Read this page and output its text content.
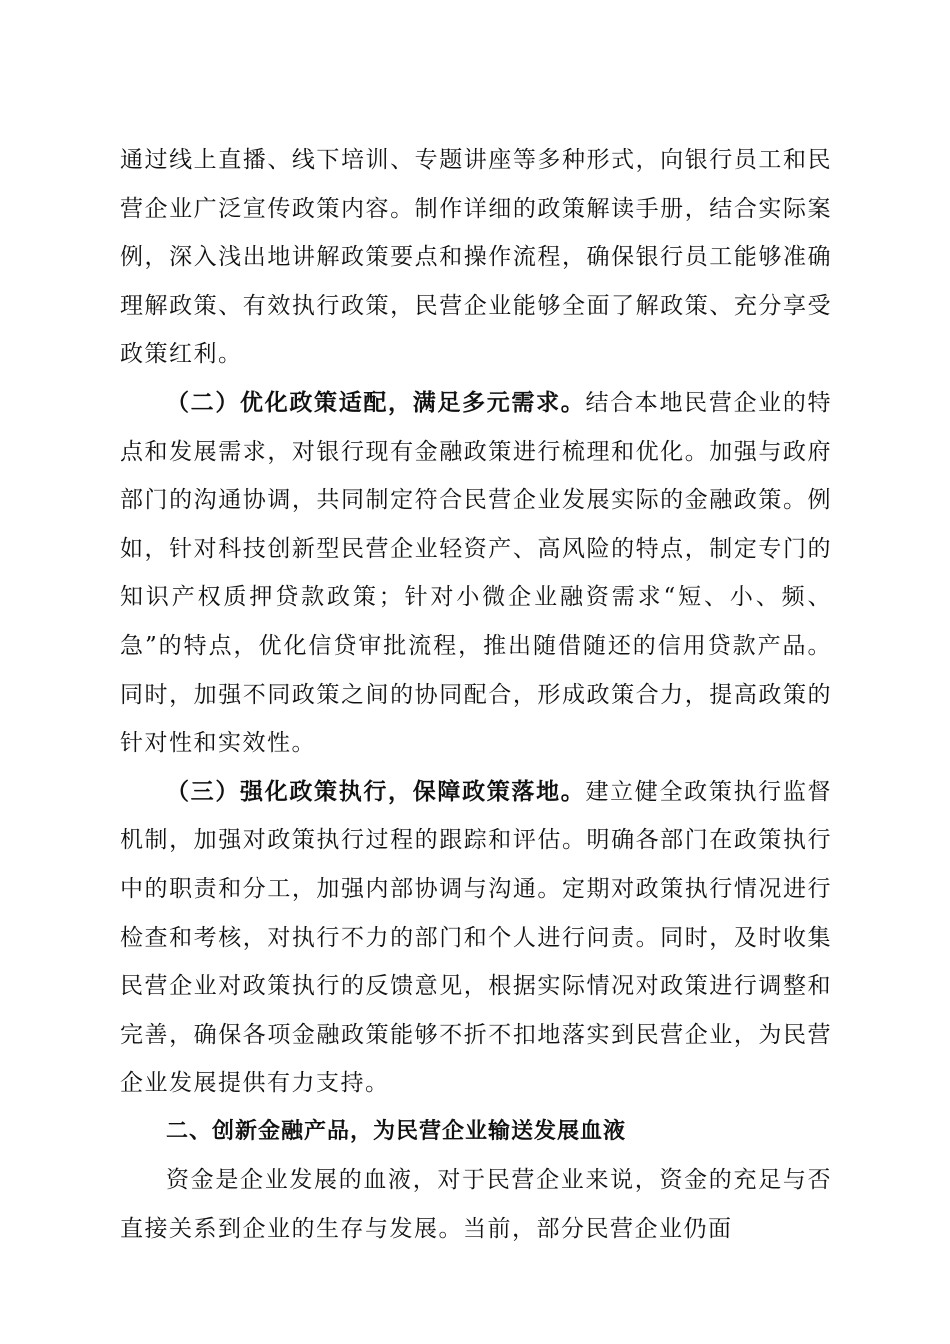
通过线上直播、线下培训、专题讲座等多种形式，向银行员工和民营企业广泛宣传政策内容。制作详细的政策解读手册，结合实际案例，深入浅出地讲解政策要点和操作流程，确保银行员工能够准确理解政策、有效执行政策，民营企业能够全面了解政策、充分享受政策红利。

（二）优化政策适配，满足多元需求。结合本地民营企业的特点和发展需求，对银行现有金融政策进行梳理和优化。加强与政府部门的沟通协调，共同制定符合民营企业发展实际的金融政策。例如，针对科技创新型民营企业轻资产、高风险的特点，制定专门的知识产权质押贷款政策；针对小微企业融资需求“短、小、频、急”的特点，优化信贷审批流程，推出随借随还的信用贷款产品。同时，加强不同政策之间的协同配合，形成政策合力，提高政策的针对性和实效性。

（三）强化政策执行，保障政策落地。建立健全政策执行监督机制，加强对政策执行过程的跟踪和评估。明确各部门在政策执行中的职责和分工，加强内部协调与沟通。定期对政策执行情况进行检查和考核，对执行不力的部门和个人进行问责。同时，及时收集民营企业对政策执行的反馈意见，根据实际情况对政策进行调整和完善，确保各项金融政策能够不折不扣地落实到民营企业，为民营企业发展提供有力支持。

二、创新金融产品，为民营企业输送发展血液

资金是企业发展的血液，对于民营企业来说，资金的充足与否直接关系到企业的生存与发展。当前，部分民营企业仍面
